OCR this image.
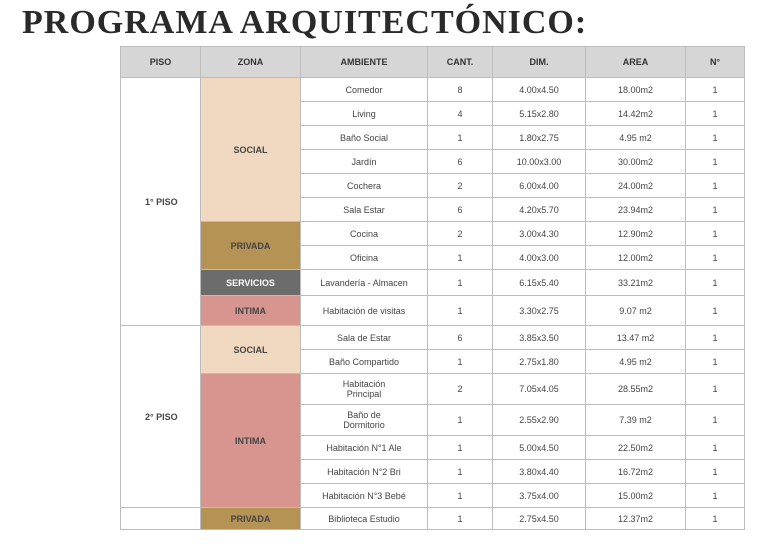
PROGRAMA ARQUITECTÓNICO:
PISO	ZONA	AMBIENTE	CANT.	DIM.	AREA	N°
1° PISO	SOCIAL	Comedor	8	4.00x4.50	18.00m2	1
		Living	4	5.15x2.80	14.42m2	1
		Baño Social	1	1.80x2.75	4.95 m2	1
		Jardín	6	10.00x3.00	30.00m2	1
		Cochera	2	6.00x4.00	24.00m2	1
		Sala Estar	6	4.20x5.70	23.94m2	1
	PRIVADA	Cocina	2	3.00x4.30	12.90m2	1
		Oficina	1	4.00x3.00	12.00m2	1
	SERVICIOS	Lavandería - Almacen	1	6.15x5.40	33.21m2	1
	INTIMA	Habitación de visitas	1	3.30x2.75	9.07 m2	1
2° PISO	SOCIAL	Sala de Estar	6	3.85x3.50	13.47 m2	1
		Baño Compartido	1	2.75x1.80	4.95 m2	1
	INTIMA	Habitación Principal	2	7.05x4.05	28.55m2	1
		Baño de Dormitorio	1	2.55x2.90	7.39 m2	1
		Habitación N°1 Ale	1	5.00x4.50	22.50m2	1
		Habitación N°2 Bri	1	3.80x4.40	16.72m2	1
		Habitación N°3 Bebé	1	3.75x4.00	15.00m2	1
	PRIVADA	Biblioteca Estudio	1	2.75x4.50	12.37m2	1
